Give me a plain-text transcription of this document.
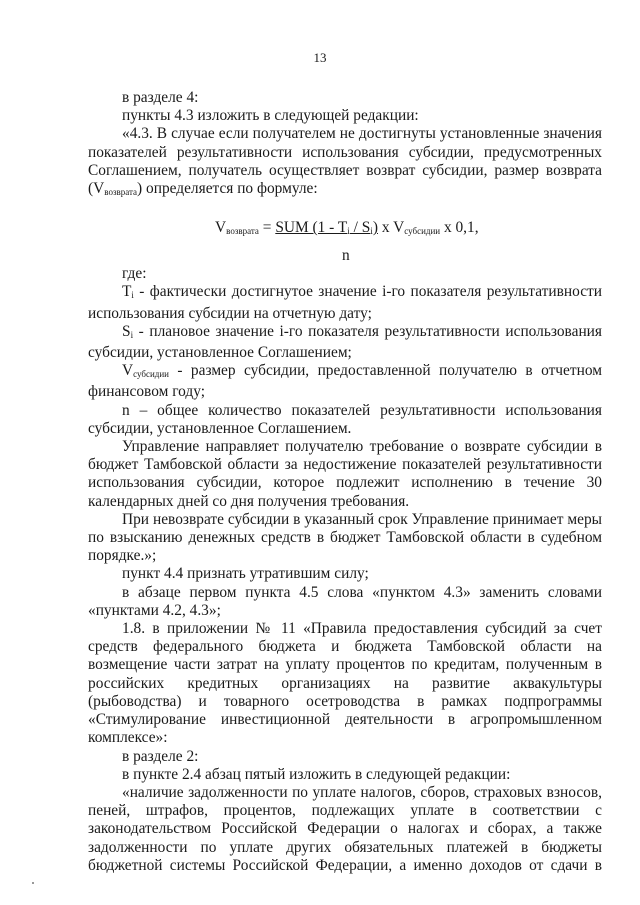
13

в разделе 4:

пункты 4.3 изложить в следующей редакции:

«4.3. В случае если получателем не достигнуты установленные значения показателей результативности использования субсидии, предусмотренных Соглашением, получатель осуществляет возврат субсидии, размер возврата $(V_{возврата})$ определяется по формуле:

$V_{возврата}$ = SUM $(1 - T_i / S_i)$ x $V_{субсидии}$ x 0,1,
n

где:

$T_i$ - фактически достигнутое значение i-го показателя результативности использования субсидии на отчетную дату;

$S_i$ - плановое значение i-го показателя результативности использования субсидии, установленное Соглашением;

$V_{субсидии}$ - размер субсидии, предоставленной получателю в отчетном финансовом году;

n – общее количество показателей результативности использования субсидии, установленное Соглашением.

Управление направляет получателю требование о возврате субсидии в бюджет Тамбовской области за недостижение показателей результативности использования субсидии, которое подлежит исполнению в течение 30 календарных дней со дня получения требования.

При невозврате субсидии в указанный срок Управление принимает меры по взысканию денежных средств в бюджет Тамбовской области в судебном порядке.»;

пункт 4.4 признать утратившим силу;

в абзаце первом пункта 4.5 слова «пунктом 4.3» заменить словами «пунктами 4.2, 4.3»;

1.8. в приложении № 11 «Правила предоставления субсидий за счет средств федерального бюджета и бюджета Тамбовской области на возмещение части затрат на уплату процентов по кредитам, полученным в российских кредитных организациях на развитие аквакультуры (рыбоводства) и товарного осетроводства в рамках подпрограммы «Стимулирование инвестиционной деятельности в агропромышленном комплексе»:

в разделе 2:

в пункте 2.4 абзац пятый изложить в следующей редакции:

«наличие задолженности по уплате налогов, сборов, страховых взносов, пеней, штрафов, процентов, подлежащих уплате в соответствии с законодательством Российской Федерации о налогах и сборах, а также задолженности по уплате других обязательных платежей в бюджеты бюджетной системы Российской Федерации, а именно доходов от сдачи в
